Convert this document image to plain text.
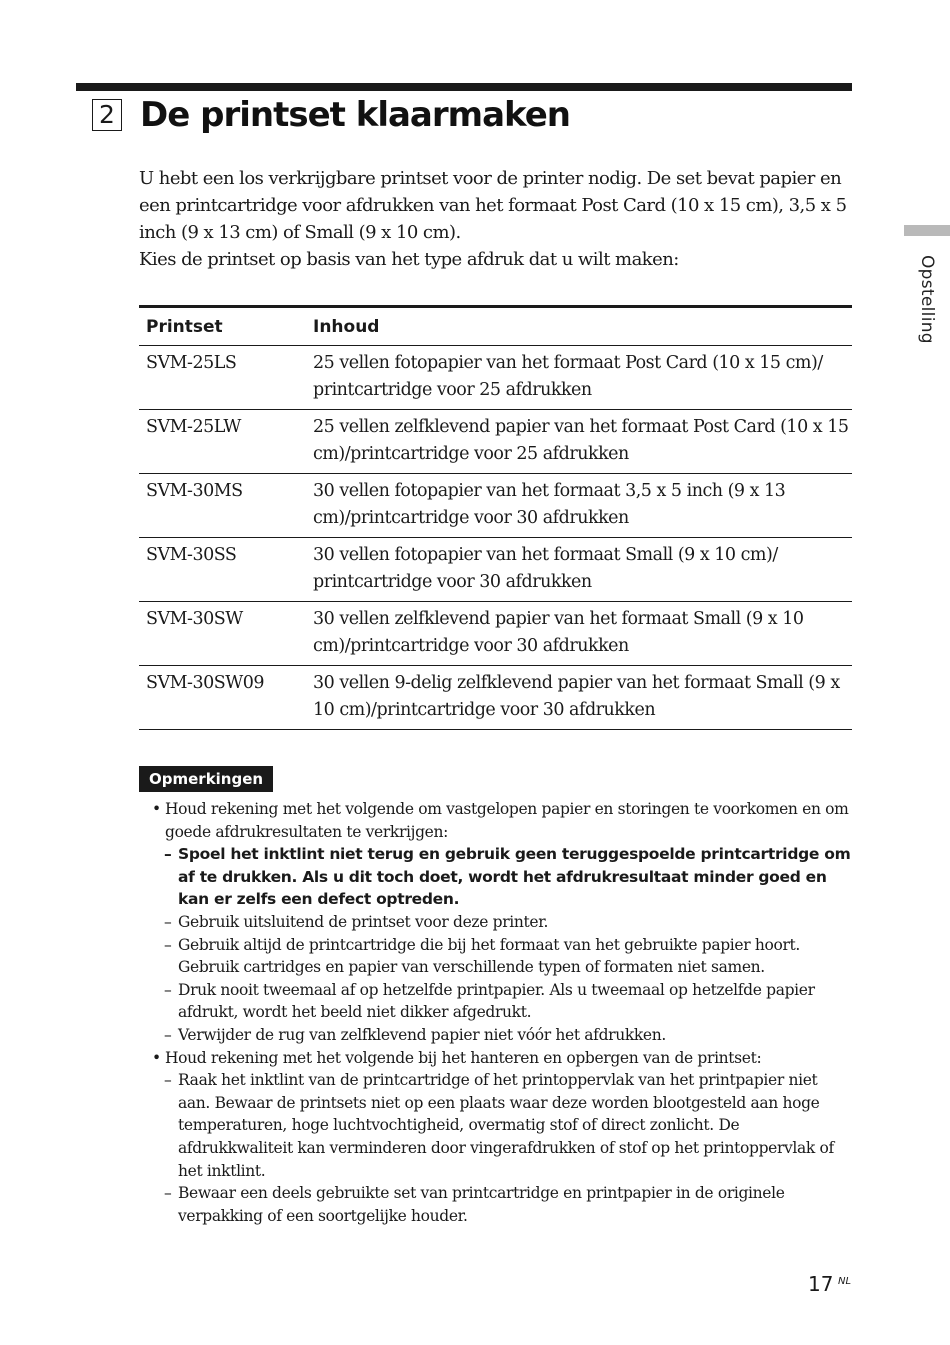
2 De printset klaarmaken

U hebt een los verkrijgbare printset voor de printer nodig. De set bevat papier en een printcartridge voor afdrukken van het formaat Post Card (10 x 15 cm), 3,5 x 5 inch (9 x 13 cm) of Small (9 x 10 cm).

Kies de printset op basis van het type afdruk dat u wilt maken:	Opstelling
Printset	Inhoud
SVM-25LS	25 vellen fotopapier van het formaat Post Card (10 x 15 cm)/ printcartridge voor 25 afdrukken
SVM-25LW	25 vellen zelfklevend papier van het formaat Post Card (10 x 15 cm)/printcartridge voor 25 afdrukken
SVM-30MS	30 vellen fotopapier van het formaat 3,5 x 5 inch (9 x 13 cm)/printcartridge voor 30 afdrukken
SVM-30SS	30 vellen fotopapier van het formaat Small (9 x 10 cm)/ printcartridge voor 30 afdrukken
SVM-30SW	30 vellen zelfklevend papier van het formaat Small (9 x 10 cm)/printcartridge voor 30 afdrukken
SVM-30SW09	30 vellen 9-delig zelfklevend papier van het formaat Small (9 x 10 cm)/printcartridge voor 30 afdrukken
Opmerkingen
• Houd rekening met het volgende om vastgelopen papier en storingen te voorkomen en om goede afdrukresultaten te verkrijgen:
– Spoel het inktlint niet terug en gebruik geen teruggespoelde printcartridge om af te drukken. Als u dit toch doet, wordt het afdrukresultaat minder goed en kan er zelfs een defect optreden.
– Gebruik uitsluitend de printset voor deze printer.
– Gebruik altijd de printcartridge die bij het formaat van het gebruikte papier hoort. Gebruik cartridges en papier van verschillende typen of formaten niet samen.
– Druk nooit tweemaal af op hetzelfde printpapier. Als u tweemaal op hetzelfde papier afdrukt, wordt het beeld niet dikker afgedrukt.
– Verwijder de rug van zelfklevend papier niet vóór het afdrukken.
• Houd rekening met het volgende bij het hanteren en opbergen van de printset:
– Raak het inktlint van de printcartridge of het printoppervlak van het printpapier niet aan. Bewaar de printsets niet op een plaats waar deze worden blootgesteld aan hoge temperaturen, hoge luchtvochtigheid, overmatig stof of direct zonlicht. De afdrukkwaliteit kan verminderen door vingerafdrukken of stof op het printoppervlak of het inktlint.
– Bewaar een deels gebruikte set van printcartridge en printpapier in de originele verpakking of een soortgelijke houder.
17 NL
